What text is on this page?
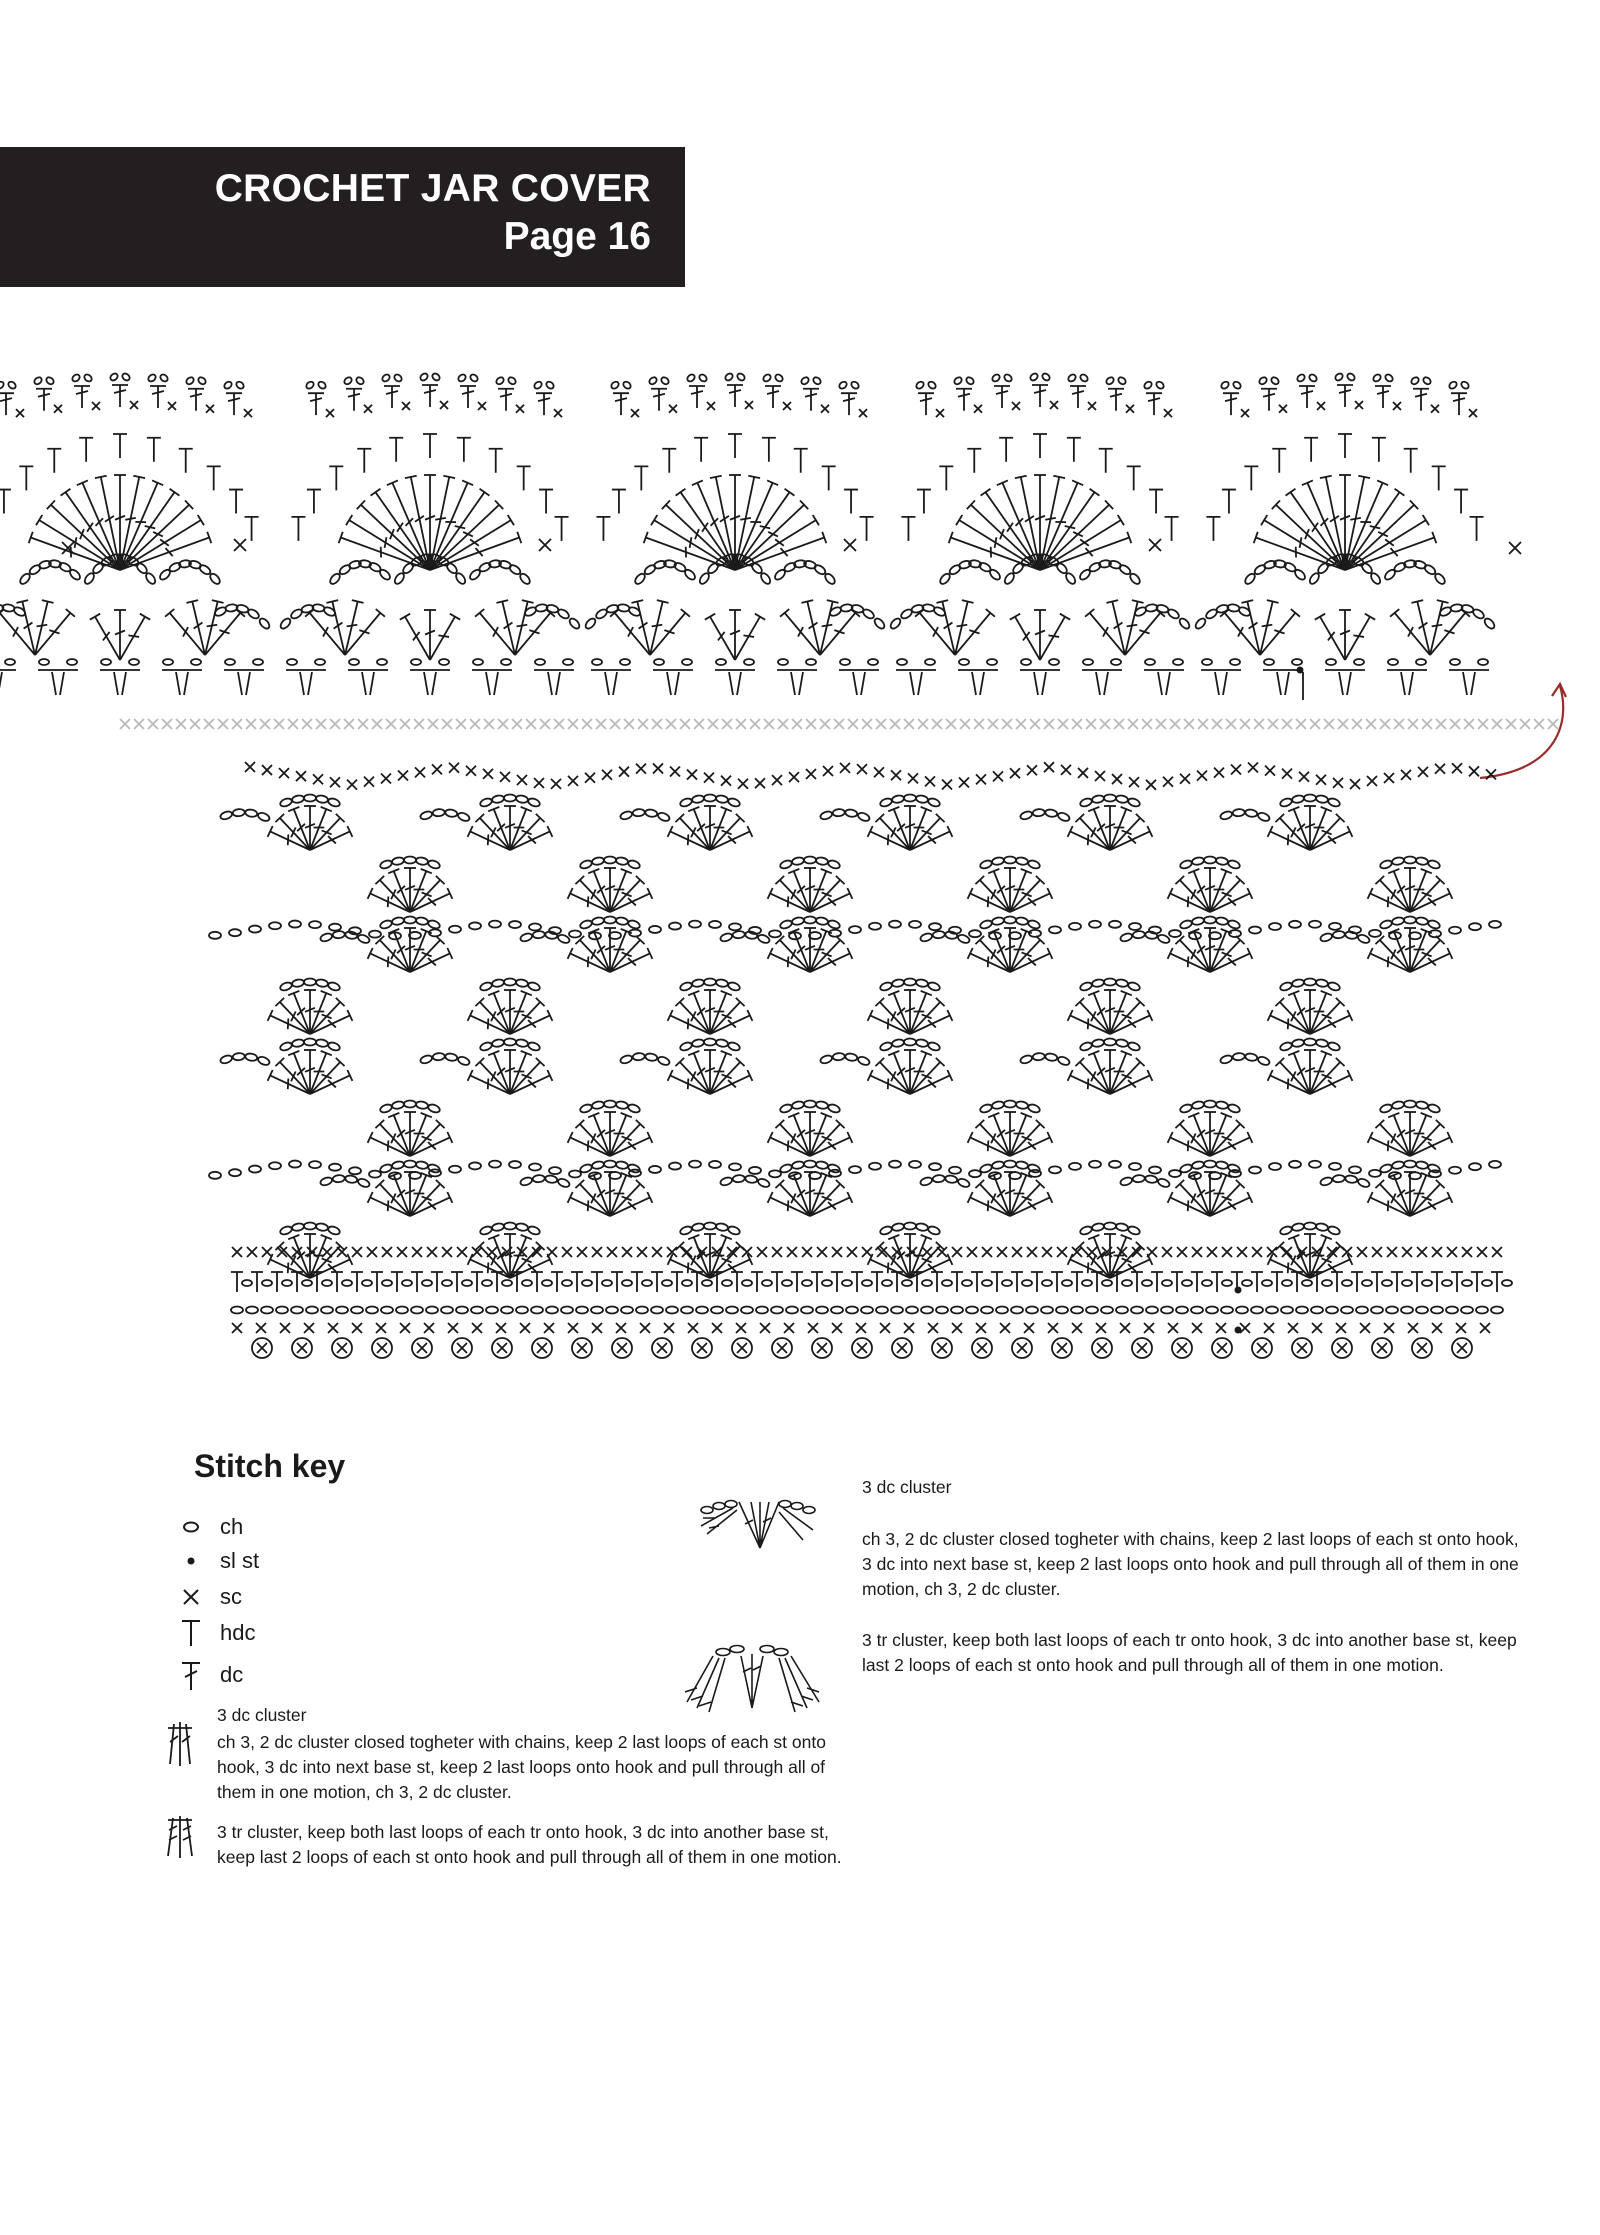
CROCHET JAR COVER
Page 16
Stitch key
ch
sl st
sc
hdc
dc
3 dc cluster
ch 3, 2 dc cluster closed togheter with chains, keep 2 last loops of each st onto hook, 3 dc into next base st, keep 2 last loops onto hook and pull through all of them in one motion, ch 3, 2 dc cluster.
3 tr cluster, keep both last loops of each tr onto hook, 3 dc into another base st, keep last 2 loops of each st onto hook and pull through all of them in one motion.
3 dc cluster
ch 3, 2 dc cluster closed togheter with chains, keep 2 last loops of each st onto hook, 3 dc into next base st, keep 2 last loops onto hook and pull through all of them in one motion, ch 3, 2 dc cluster.
3 tr cluster, keep both last loops of each tr onto hook, 3 dc into another base st, keep last 2 loops of each st onto hook and pull through all of them in one motion.
